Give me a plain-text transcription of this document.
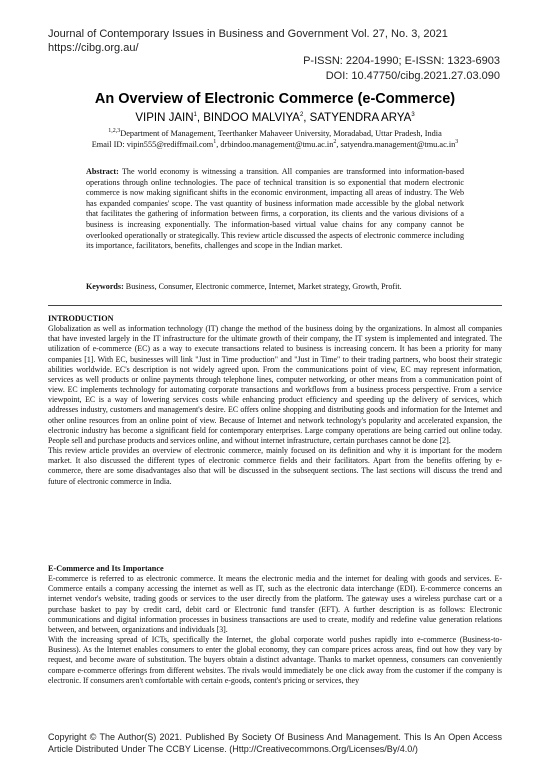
Journal of Contemporary Issues in Business and Government Vol. 27, No. 3, 2021
https://cibg.org.au/
P-ISSN: 2204-1990; E-ISSN: 1323-6903
DOI: 10.47750/cibg.2021.27.03.090
An Overview of Electronic Commerce (e-Commerce)
VIPIN JAIN$^1$, BINDOO MALVIYA$^2$, SATYENDRA ARYA$^3$
$^{1,2,3}$Department of Management, Teerthanker Mahaveer University, Moradabad, Uttar Pradesh, India
Email ID: vipin555@rediffmail.com$^1$, $drbindoo.management@tmu.ac.in^2$, $satyendra.management@tmu.ac.in^3$
Abstract: The world economy is witnessing a transition. All companies are transformed into information-based operations through online technologies. The pace of technical transition is so exponential that modern electronic commerce is now making significant shifts in the economic environment, impacting all areas of industry. The Web has expanded companies' scope. The vast quantity of business information made accessible by the global network that facilitates the gathering of information between firms, a corporation, its clients and the various divisions of a business is increasing exponentially. The information-based virtual value chains for any company cannot be overlooked operationally or strategically. This review article discussed the aspects of electronic commerce including its importance, facilitators, benefits, challenges and scope in the Indian market.
Keywords: Business, Consumer, Electronic commerce, Internet, Market strategy, Growth, Profit.
INTRODUCTION
Globalization as well as information technology (IT) change the method of the business doing by the organizations. In almost all companies that have invested largely in the IT infrastructure for the ultimate growth of their company, the IT system is implemented and integrated. The utilization of e-commerce (EC) as a way to execute transactions related to business is increasing concern. It has been a priority for many companies [1]. With EC, businesses will link "Just in Time production" and "Just in Time" to their trading partners, who boost their strategic abilities worldwide. EC's description is not widely agreed upon. From the communications point of view, EC may represent information, services as well products or online payments through telephone lines, computer networking, or other means from a communication point of view. EC implements technology for automating corporate transactions and workflows from a business process perspective. From a service viewpoint, EC is a way of lowering services costs while enhancing product efficiency and speeding up the delivery of services, which addresses industry, customers and management's desire. EC offers online shopping and distributing goods and information for the Internet and other online resources from an online point of view. Because of Internet and network technology's popularity and accelerated expansion, the electronic industry has become a significant field for contemporary enterprises. Large company operations are being carried out online today. People sell and purchase products and services online, and without internet infrastructure, certain purchases cannot be done [2].
This review article provides an overview of electronic commerce, mainly focused on its definition and why it is important for the modern market. It also discussed the different types of electronic commerce fields and their facilitators. Apart from the benefits offering by e-commerce, there are some disadvantages also that will be discussed in the subsequent sections. The last sections will discuss the trend and future of electronic commerce in India.
E-Commerce and Its Importance
E-commerce is referred to as electronic commerce. It means the electronic media and the internet for dealing with goods and services. E-Commerce entails a company accessing the internet as well as IT, such as the electronic data interchange (EDI). E-commerce concerns an internet vendor's website, trading goods or services to the user directly from the platform. The gateway uses a wireless purchase cart or a purchase basket to pay by credit card, debit card or Electronic fund transfer (EFT). A further description is as follows: Electronic communications and digital information processes in business transactions are used to create, modify and redefine value generation relations between, and between, organizations and individuals [3].
With the increasing spread of ICTs, specifically the Internet, the global corporate world pushes rapidly into e-commerce (Business-to-Business). As the Internet enables consumers to enter the global economy, they can compare prices across areas, find out how they vary by request, and become aware of substitution. The buyers obtain a distinct advantage. Thanks to market openness, consumers can conveniently compare e-commerce offerings from different websites. The rivals would immediately be one click away from the customer if the company is electronic. If consumers aren't comfortable with certain e-goods, content's pricing or services, they
Copyright © The Author(S) 2021. Published By Society Of Business And Management. This Is An Open Access Article Distributed Under The CCBY License. (Http://Creativecommons.Org/Licenses/By/4.0/)
